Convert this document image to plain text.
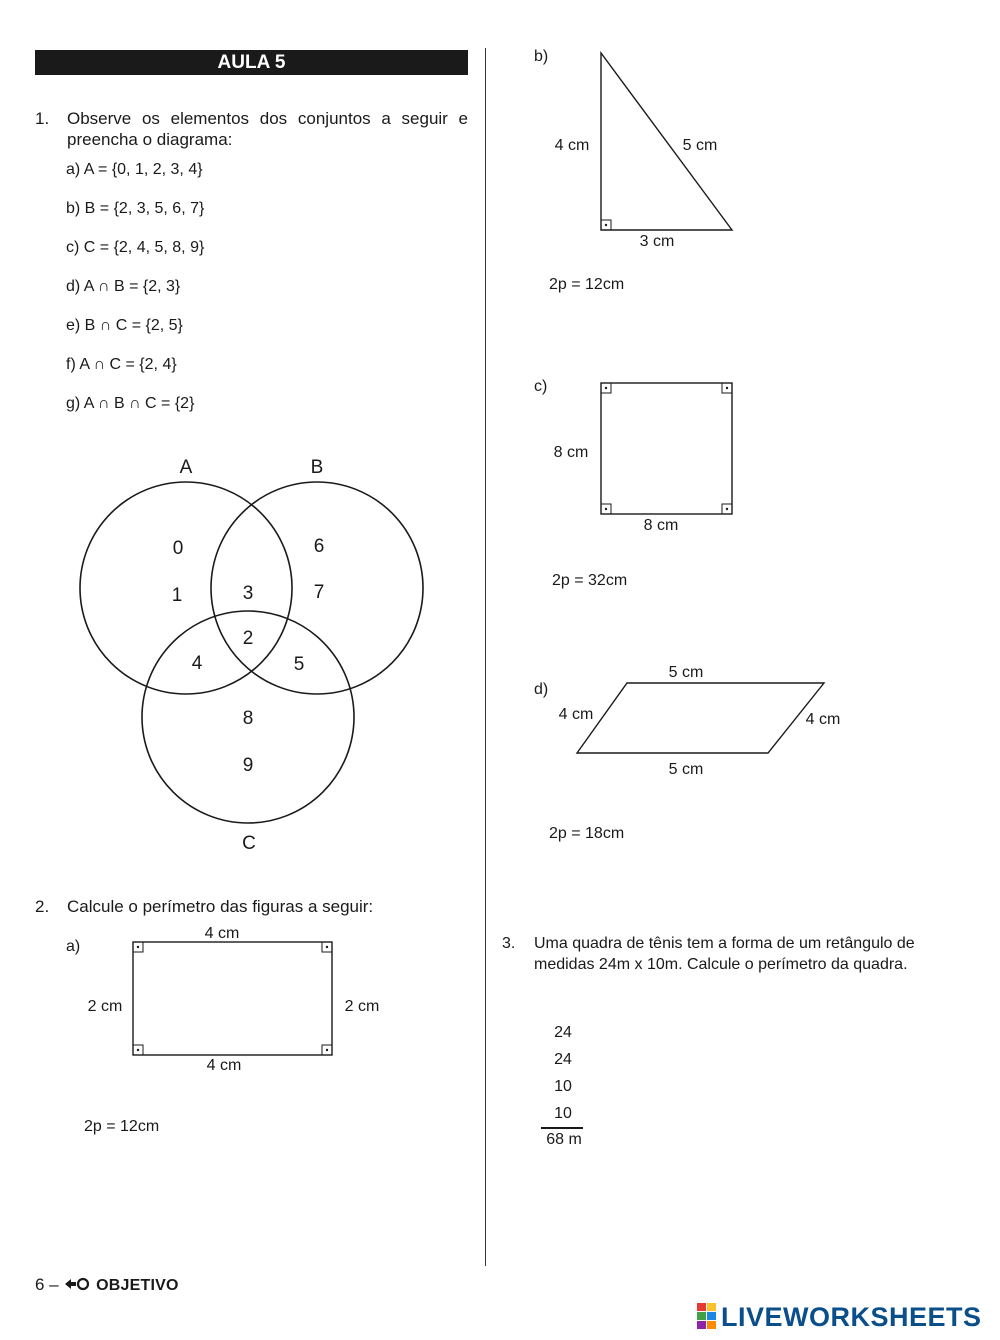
AULA 5
1. Observe os elementos dos conjuntos a seguir e
preencha o diagrama:
a) A = {0, 1, 2, 3, 4}
b) B = {2, 3, 5, 6, 7}
c) C = {2, 4, 5, 8, 9}
d) A ∩ B = {2, 3}
e) B ∩ C = {2, 5}
f) A ∩ C = {2, 4}
g) A ∩ B ∩ C = {2}
A	B
C
0
1
6
7
3
2
4	5
8
9
4 cm
4 cm
2 cm	2 cm
4 cm	5 cm
3 cm
8 cm
8 cm
5 cm
4 cm	4 cm
5 cm
2. Calcule o perímetro das figuras a seguir:
a)
2p = 12cm
b)
2p = 12cm
c)
2p = 32cm
d)
2p = 18cm
3. Uma quadra de tênis tem a forma de um retângulo de
medidas 24m x 10m. Calcule o perímetro da quadra.
24
24
10
10
68 m
6 – OBJETIVO
LIVEWORKSHEETS
